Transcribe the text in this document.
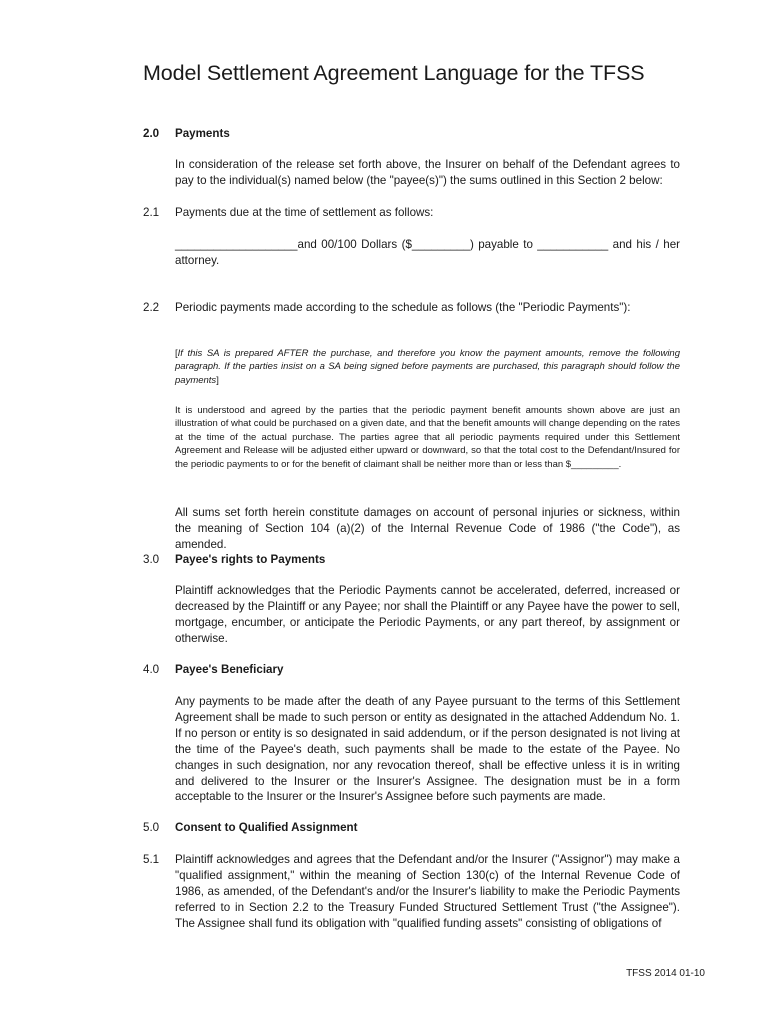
Model Settlement Agreement Language for the TFSS
2.0 Payments
In consideration of the release set forth above, the Insurer on behalf of the Defendant agrees to pay to the individual(s) named below (the "payee(s)") the sums outlined in this Section 2 below:
2.1 Payments due at the time of settlement as follows:
___________________and 00/100 Dollars ($_________) payable to ___________ and his / her attorney.
2.2 Periodic payments made according to the schedule as follows (the "Periodic Payments"):
[If this SA is prepared AFTER the purchase, and therefore you know the payment amounts, remove the following paragraph. If the parties insist on a SA being signed before payments are purchased, this paragraph should follow the payments]
It is understood and agreed by the parties that the periodic payment benefit amounts shown above are just an illustration of what could be purchased on a given date, and that the benefit amounts will change depending on the rates at the time of the actual purchase. The parties agree that all periodic payments required under this Settlement Agreement and Release will be adjusted either upward or downward, so that the total cost to the Defendant/Insured for the periodic payments to or for the benefit of claimant shall be neither more than or less than $_________.
All sums set forth herein constitute damages on account of personal injuries or sickness, within the meaning of Section 104 (a)(2) of the Internal Revenue Code of 1986 ("the Code"), as amended.
3.0 Payee's rights to Payments
Plaintiff acknowledges that the Periodic Payments cannot be accelerated, deferred, increased or decreased by the Plaintiff or any Payee; nor shall the Plaintiff or any Payee have the power to sell, mortgage, encumber, or anticipate the Periodic Payments, or any part thereof, by assignment or otherwise.
4.0 Payee's Beneficiary
Any payments to be made after the death of any Payee pursuant to the terms of this Settlement Agreement shall be made to such person or entity as designated in the attached Addendum No. 1. If no person or entity is so designated in said addendum, or if the person designated is not living at the time of the Payee's death, such payments shall be made to the estate of the Payee. No changes in such designation, nor any revocation thereof, shall be effective unless it is in writing and delivered to the Insurer or the Insurer's Assignee. The designation must be in a form acceptable to the Insurer or the Insurer's Assignee before such payments are made.
5.0 Consent to Qualified Assignment
5.1 Plaintiff acknowledges and agrees that the Defendant and/or the Insurer ("Assignor") may make a "qualified assignment," within the meaning of Section 130(c) of the Internal Revenue Code of 1986, as amended, of the Defendant's and/or the Insurer's liability to make the Periodic Payments referred to in Section 2.2 to the Treasury Funded Structured Settlement Trust ("the Assignee"). The Assignee shall fund its obligation with "qualified funding assets" consisting of obligations of
TFSS 2014 01-10
